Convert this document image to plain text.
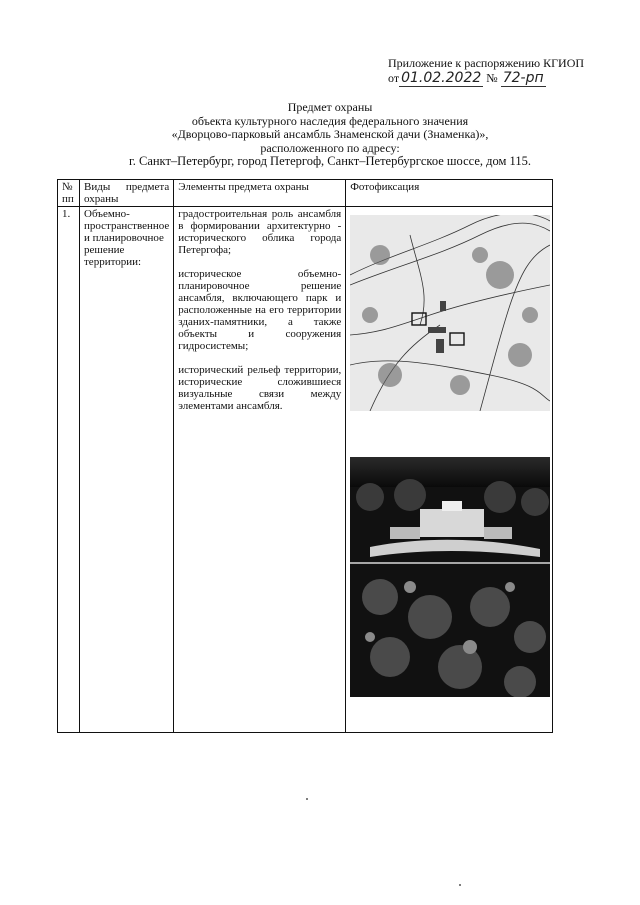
Приложение к распоряжению КГИОП
от 01.02.2022 № 72-рп
Предмет охраны
объекта культурного наследия федерального значения
«Дворцово-парковый ансамбль Знаменской дачи (Знаменка)»,
расположенного по адресу:
г. Санкт–Петербург, город Петергоф, Санкт–Петербургское шоссе, дом 115.
№ пп	Виды предмета охраны	Элементы предмета охраны	Фотофиксация
1.	Объемно-пространственное и планировочное решение территории:	градостроительная роль ансамбля в формировании архитектурно - исторического облика города Петергофа;

историческое объемно-планировочное решение ансамбля, включающего парк и расположенные на его территории зданих-памятники, а также объекты и сооружения гидросистемы;

исторический рельеф территории, исторические сложившиеся визуальные связи между элементами ансамбля.
